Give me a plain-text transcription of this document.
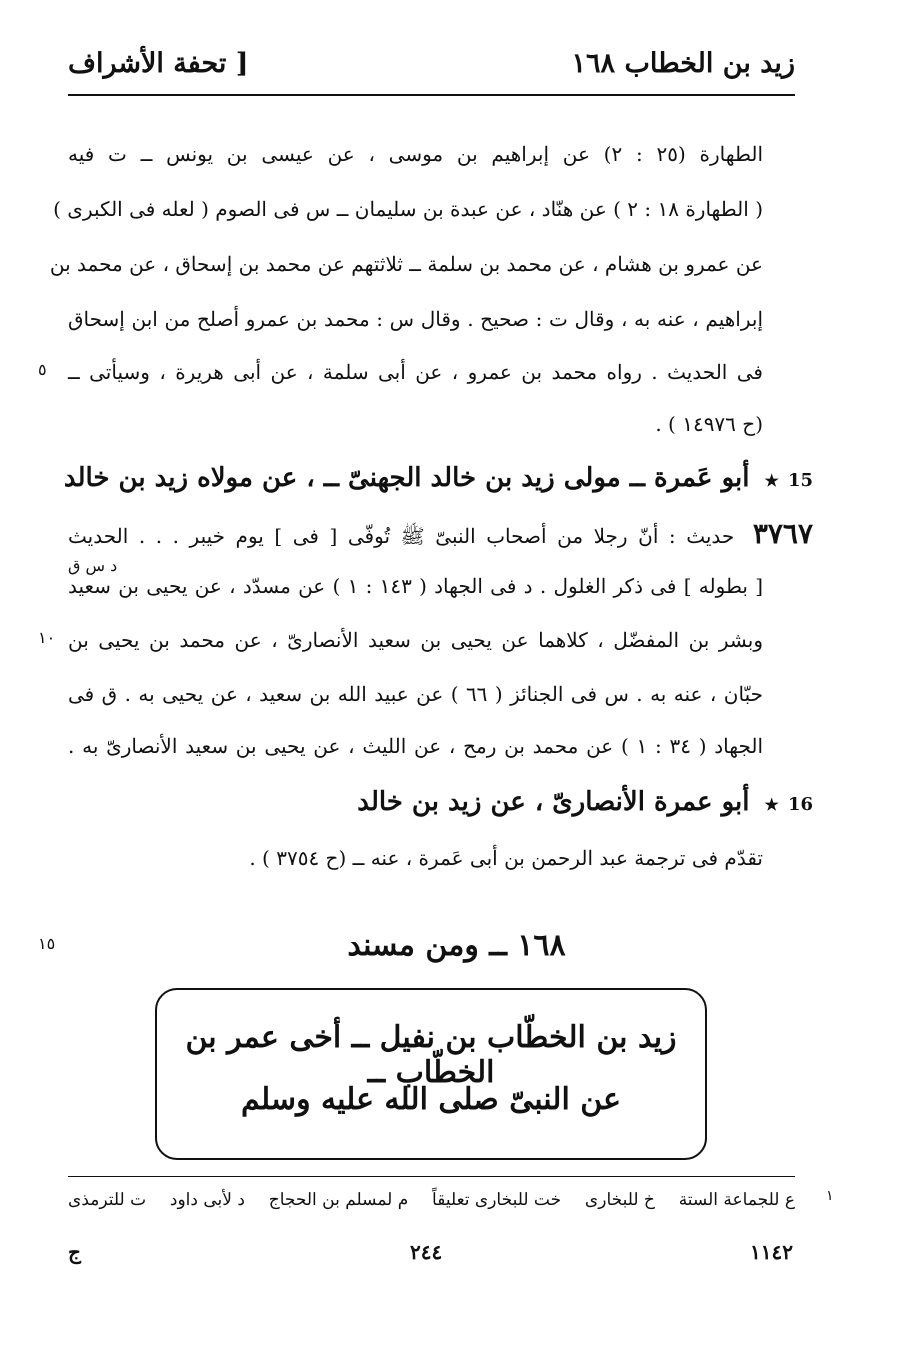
زيد بن الخطاب ١٦٨
[ تحفة الأشراف
الطهارة (٢٥ : ٢) عن إبراهيم بن موسى ، عن عيسى بن يونس ــ ت فيه
( الطهارة ١٨ : ٢ ) عن هنّاد ، عن عبدة بن سليمان ــ س فى الصوم ( لعله فى الكبرى )
عن عمرو بن هشام ، عن محمد بن سلمة ــ ثلاثتهم عن محمد بن إسحاق ، عن محمد بن
إبراهيم ، عنه به ، وقال ت : صحيح . وقال س : محمد بن عمرو أصلح من ابن إسحاق
فى الحديث . رواه محمد بن عمرو ، عن أبى سلمة ، عن أبى هريرة ، وسيأتى ــ
(ح ١٤٩٧٦ ) .
٥
15 ★ أبو عَمرة ــ مولى زيد بن خالد الجهنىّ ــ ، عن مولاه زيد بن خالد
٣٧٦٧ حديث : أنّ رجلا من أصحاب النبىّ ﷺ تُوفّى [ فى ] يوم خيبر . . . الحديث
د س ق
[ بطوله ] فى ذكر الغلول . د فى الجهاد ( ١٤٣ : ١ ) عن مسدّد ، عن يحيى بن سعيد
وبشر بن المفضّل ، كلاهما عن يحيى بن سعيد الأنصارىّ ، عن محمد بن يحيى بن
حبّان ، عنه به . س فى الجنائز ( ٦٦ ) عن عبيد الله بن سعيد ، عن يحيى به . ق فى
الجهاد ( ٣٤ : ١ ) عن محمد بن رمح ، عن الليث ، عن يحيى بن سعيد الأنصارىّ به .
١٠
16 ★ أبو عمرة الأنصارىّ ، عن زيد بن خالد
تقدّم فى ترجمة عبد الرحمن بن أبى عَمرة ، عنه ــ (ح ٣٧٥٤ ) .
١٦٨ ــ ومن مسند
١٥
زيد بن الخطّاب بن نفيل ــ أخى عمر بن الخطّاب ــ
عن النبىّ صلى الله عليه وسلم
١
ع للجماعة الستة
خ للبخارى
خت للبخارى تعليقاً
م لمسلم بن الحجاج
د لأبى داود
ت للترمذى
١١٤٢
٢٤٤
ج
